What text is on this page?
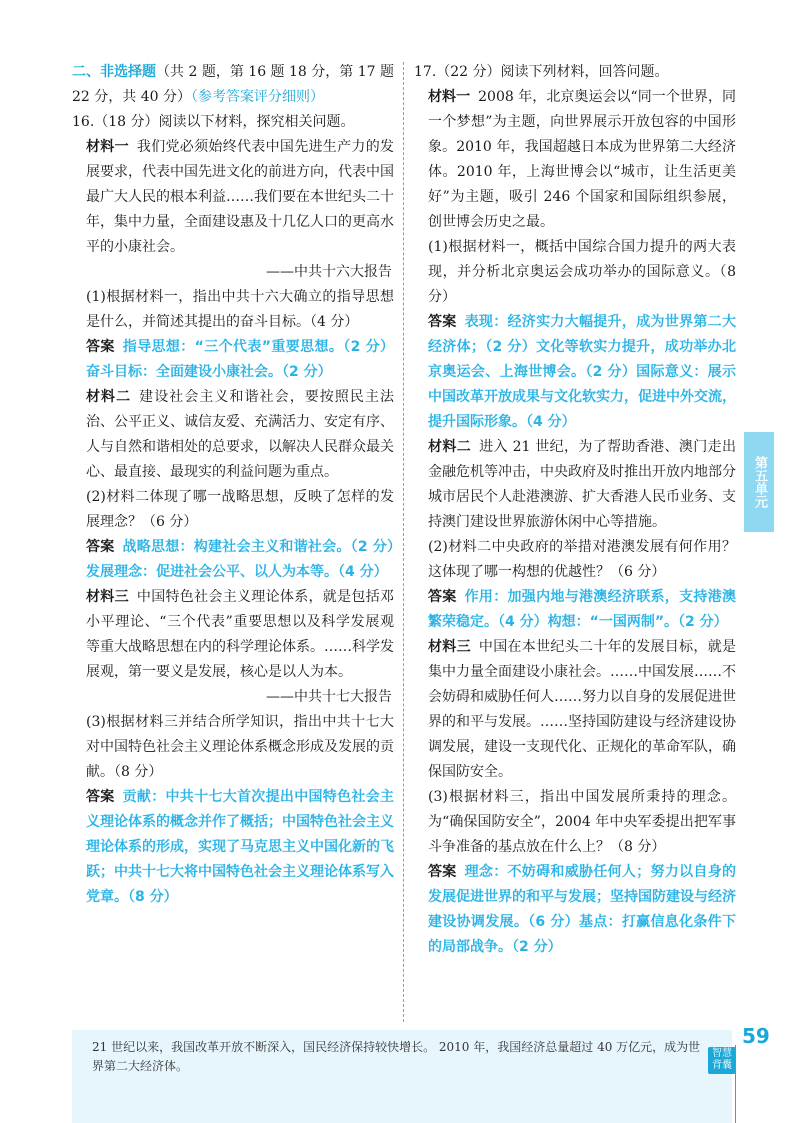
二、非选择题（共 2 题，第 16 题 18 分，第 17 题 22 分，共 40 分）（参考答案评分细则）

16.（18 分）阅读以下材料，探究相关问题。

材料一 我们党必须始终代表中国先进生产力的发展要求，代表中国先进文化的前进方向，代表中国最广大人民的根本利益……我们要在本世纪头二十年，集中力量，全面建设惠及十几亿人口的更高水平的小康社会。

——中共十六大报告

(1)根据材料一，指出中共十六大确立的指导思想是什么，并简述其提出的奋斗目标。（4 分）

答案 指导思想：“三个代表”重要思想。（2 分）奋斗目标：全面建设小康社会。（2 分）

材料二 建设社会主义和谐社会，要按照民主法治、公平正义、诚信友爱、充满活力、安定有序、人与自然和谐相处的总要求，以解决人民群众最关心、最直接、最现实的利益问题为重点。

(2)材料二体现了哪一战略思想，反映了怎样的发展理念？（6 分）

答案 战略思想：构建社会主义和谐社会。（2 分）发展理念：促进社会公平、以人为本等。（4 分）

材料三 中国特色社会主义理论体系，就是包括邓小平理论、“三个代表”重要思想以及科学发展观等重大战略思想在内的科学理论体系。……科学发展观，第一要义是发展，核心是以人为本。

——中共十七大报告

(3)根据材料三并结合所学知识，指出中共十七大对中国特色社会主义理论体系概念形成及发展的贡献。（8 分）

答案 贡献：中共十七大首次提出中国特色社会主义理论体系的概念并作了概括；中国特色社会主义理论体系的形成，实现了马克思主义中国化新的飞跃；中共十七大将中国特色社会主义理论体系写入党章。（8 分）

17.（22 分）阅读下列材料，回答问题。

材料一 2008 年，北京奥运会以“同一个世界，同一个梦想”为主题，向世界展示开放包容的中国形象。2010 年，我国超越日本成为世界第二大经济体。2010 年，上海世博会以“城市，让生活更美好”为主题，吸引 246 个国家和国际组织参展，创世博会历史之最。

(1)根据材料一，概括中国综合国力提升的两大表现，并分析北京奥运会成功举办的国际意义。（8 分）

答案 表现：经济实力大幅提升，成为世界第二大经济体；（2 分）文化等软实力提升，成功举办北京奥运会、上海世博会。（2 分）国际意义：展示中国改革开放成果与文化软实力，促进中外交流，提升国际形象。（4 分）

材料二 进入 21 世纪，为了帮助香港、澳门走出金融危机等冲击，中央政府及时推出开放内地部分城市居民个人赴港澳游、扩大香港人民币业务、支持澳门建设世界旅游休闲中心等措施。

(2)材料二中央政府的举措对港澳发展有何作用？这体现了哪一构想的优越性？（6 分）

答案 作用：加强内地与港澳经济联系，支持港澳繁荣稳定。（4 分）构想：“一国两制”。（2 分）

材料三 中国在本世纪头二十年的发展目标，就是集中力量全面建设小康社会。……中国发展……不会妨碍和威胁任何人……努力以自身的发展促进世界的和平与发展。……坚持国防建设与经济建设协调发展，建设一支现代化、正规化的革命军队，确保国防安全。

(3)根据材料三，指出中国发展所秉持的理念。为“确保国防安全”，2004 年中央军委提出把军事斗争准备的基点放在什么上？（8 分）

答案 理念：不妨碍和威胁任何人；努力以自身的发展促进世界的和平与发展；坚持国防建设与经济建设协调发展。（6 分）基点：打赢信息化条件下的局部战争。（2 分）

第五单元
21 世纪以来，我国改革开放不断深入，国民经济保持较快增长。 2010 年，我国经济总量超过 40 万亿元，成为世界第二大经济体。
59
智慧背囊
